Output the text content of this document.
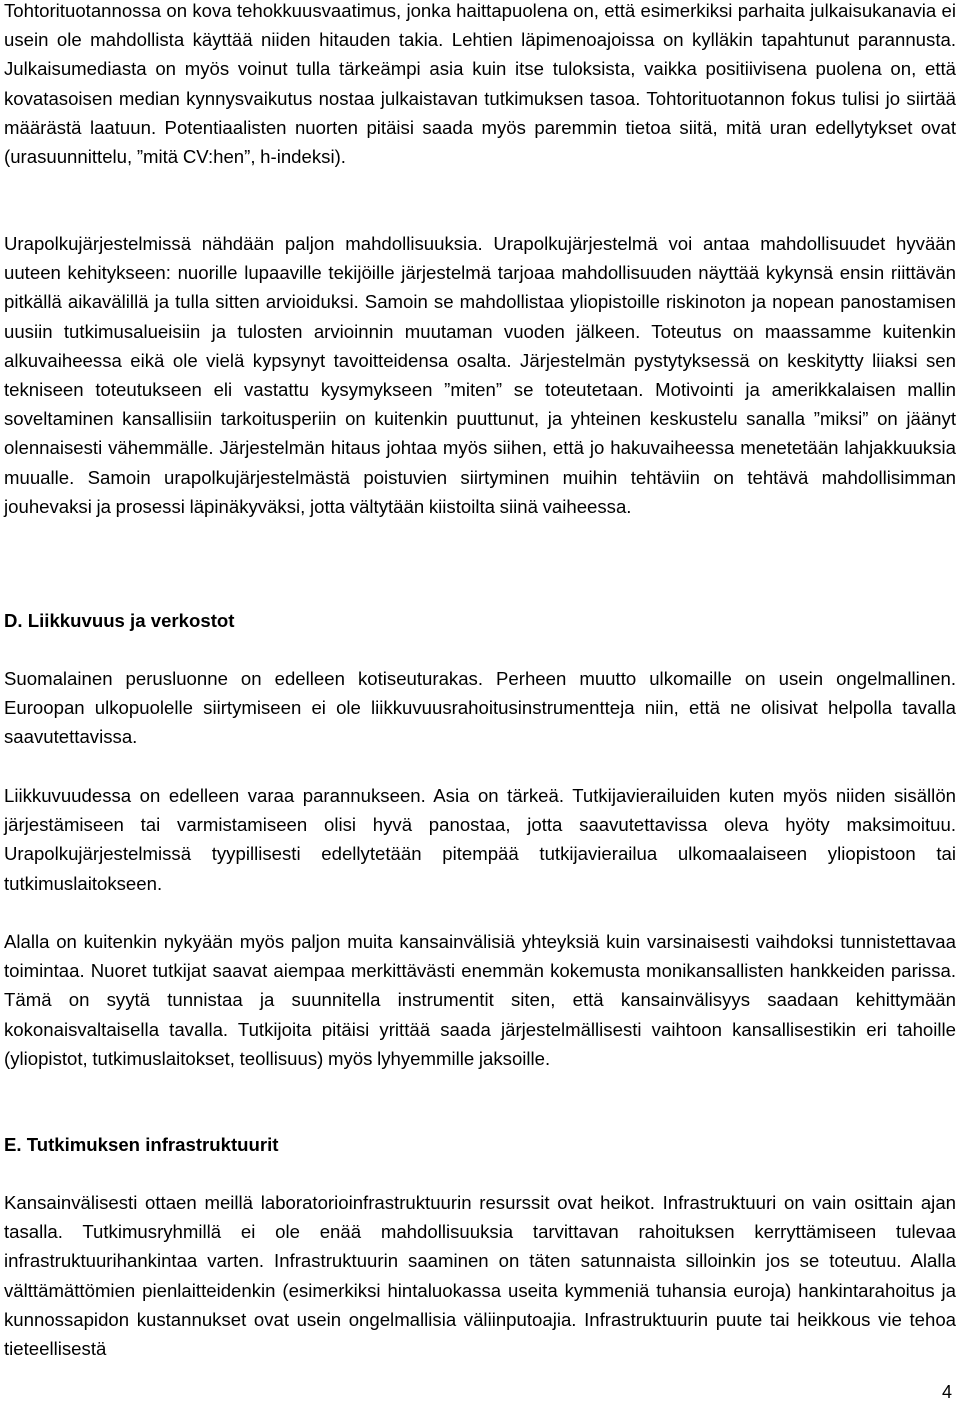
Tohtorituotannossa on kova tehokkuusvaatimus, jonka haittapuolena on, että esimerkiksi parhaita julkaisukanavia ei usein ole mahdollista käyttää niiden hitauden takia. Lehtien läpimenoajoissa on kylläkin tapahtunut parannusta. Julkaisumediasta on myös voinut tulla tärkeämpi asia kuin itse tuloksista, vaikka positiivisena puolena on, että kovatasoisen median kynnysvaikutus nostaa julkaistavan tutkimuksen tasoa. Tohtorituotannon fokus tulisi jo siirtää määrästä laatuun. Potentiaalisten nuorten pitäisi saada myös paremmin tietoa siitä, mitä uran edellytykset ovat (urasuunnittelu, ”mitä CV:hen”, h-indeksi).

Urapolkujärjestelmissä nähdään paljon mahdollisuuksia. Urapolkujärjestelmä voi antaa mahdollisuudet hyvään uuteen kehitykseen: nuorille lupaaville tekijöille järjestelmä tarjoaa mahdollisuuden näyttää kykynsä ensin riittävän pitkällä aikavälillä ja tulla sitten arvioiduksi. Samoin se mahdollistaa yliopistoille riskinoton ja nopean panostamisen uusiin tutkimusalueisiin ja tulosten arvioinnin muutaman vuoden jälkeen. Toteutus on maassamme kuitenkin alkuvaiheessa eikä ole vielä kypsynyt tavoitteidensa osalta. Järjestelmän pystytyksessä on keskitytty liiaksi sen tekniseen toteutukseen eli vastattu kysymykseen ”miten” se toteutetaan. Motivointi ja amerikkalaisen mallin soveltaminen kansallisiin tarkoitusperiin on kuitenkin puuttunut, ja yhteinen keskustelu sanalla ”miksi” on jäänyt olennaisesti vähemmälle. Järjestelmän hitaus johtaa myös siihen, että jo hakuvaiheessa menetetään lahjakkuuksia muualle. Samoin urapolkujärjestelmästä poistuvien siirtyminen muihin tehtäviin on tehtävä mahdollisimman jouhevaksi ja prosessi läpinäkyväksi, jotta vältytään kiistoilta siinä vaiheessa.

D. Liikkuvuus ja verkostot

Suomalainen perusluonne on edelleen kotiseuturakas. Perheen muutto ulkomaille on usein ongelmallinen. Euroopan ulkopuolelle siirtymiseen ei ole liikkuvuusrahoitusinstrumentteja niin, että ne olisivat helpolla tavalla saavutettavissa.

Liikkuvuudessa on edelleen varaa parannukseen. Asia on tärkeä. Tutkijavierailuiden kuten myös niiden sisällön järjestämiseen tai varmistamiseen olisi hyvä panostaa, jotta saavutettavissa oleva hyöty maksimoituu. Urapolkujärjestelmissä tyypillisesti edellytetään pitempää tutkijavierailua ulkomaalaiseen yliopistoon tai tutkimuslaitokseen.

Alalla on kuitenkin nykyään myös paljon muita kansainvälisiä yhteyksiä kuin varsinaisesti vaihdoksi tunnistettavaa toimintaa. Nuoret tutkijat saavat aiempaa merkittävästi enemmän kokemusta monikansallisten hankkeiden parissa. Tämä on syytä tunnistaa ja suunnitella instrumentit siten, että kansainvälisyys saadaan kehittymään kokonaisvaltaisella tavalla. Tutkijoita pitäisi yrittää saada järjestelmällisesti vaihtoon kansallisestikin eri tahoille (yliopistot, tutkimuslaitokset, teollisuus) myös lyhyemmille jaksoille.

E. Tutkimuksen infrastruktuurit

Kansainvälisesti ottaen meillä laboratorioinfrastruktuurin resurssit ovat heikot. Infrastruktuuri on vain osittain ajan tasalla. Tutkimusryhmillä ei ole enää mahdollisuuksia tarvittavan rahoituksen kerryttämiseen tulevaa infrastruktuurihankintaa varten. Infrastruktuurin saaminen on täten satunnaista silloinkin jos se toteutuu. Alalla välttämättömien pienlaitteidenkin (esimerkiksi hintaluokassa useita kymmeniä tuhansia euroja) hankintarahoitus ja kunnossapidon kustannukset ovat usein ongelmallisia väliinputoajia. Infrastruktuurin puute tai heikkous vie tehoa tieteellisestä

4
